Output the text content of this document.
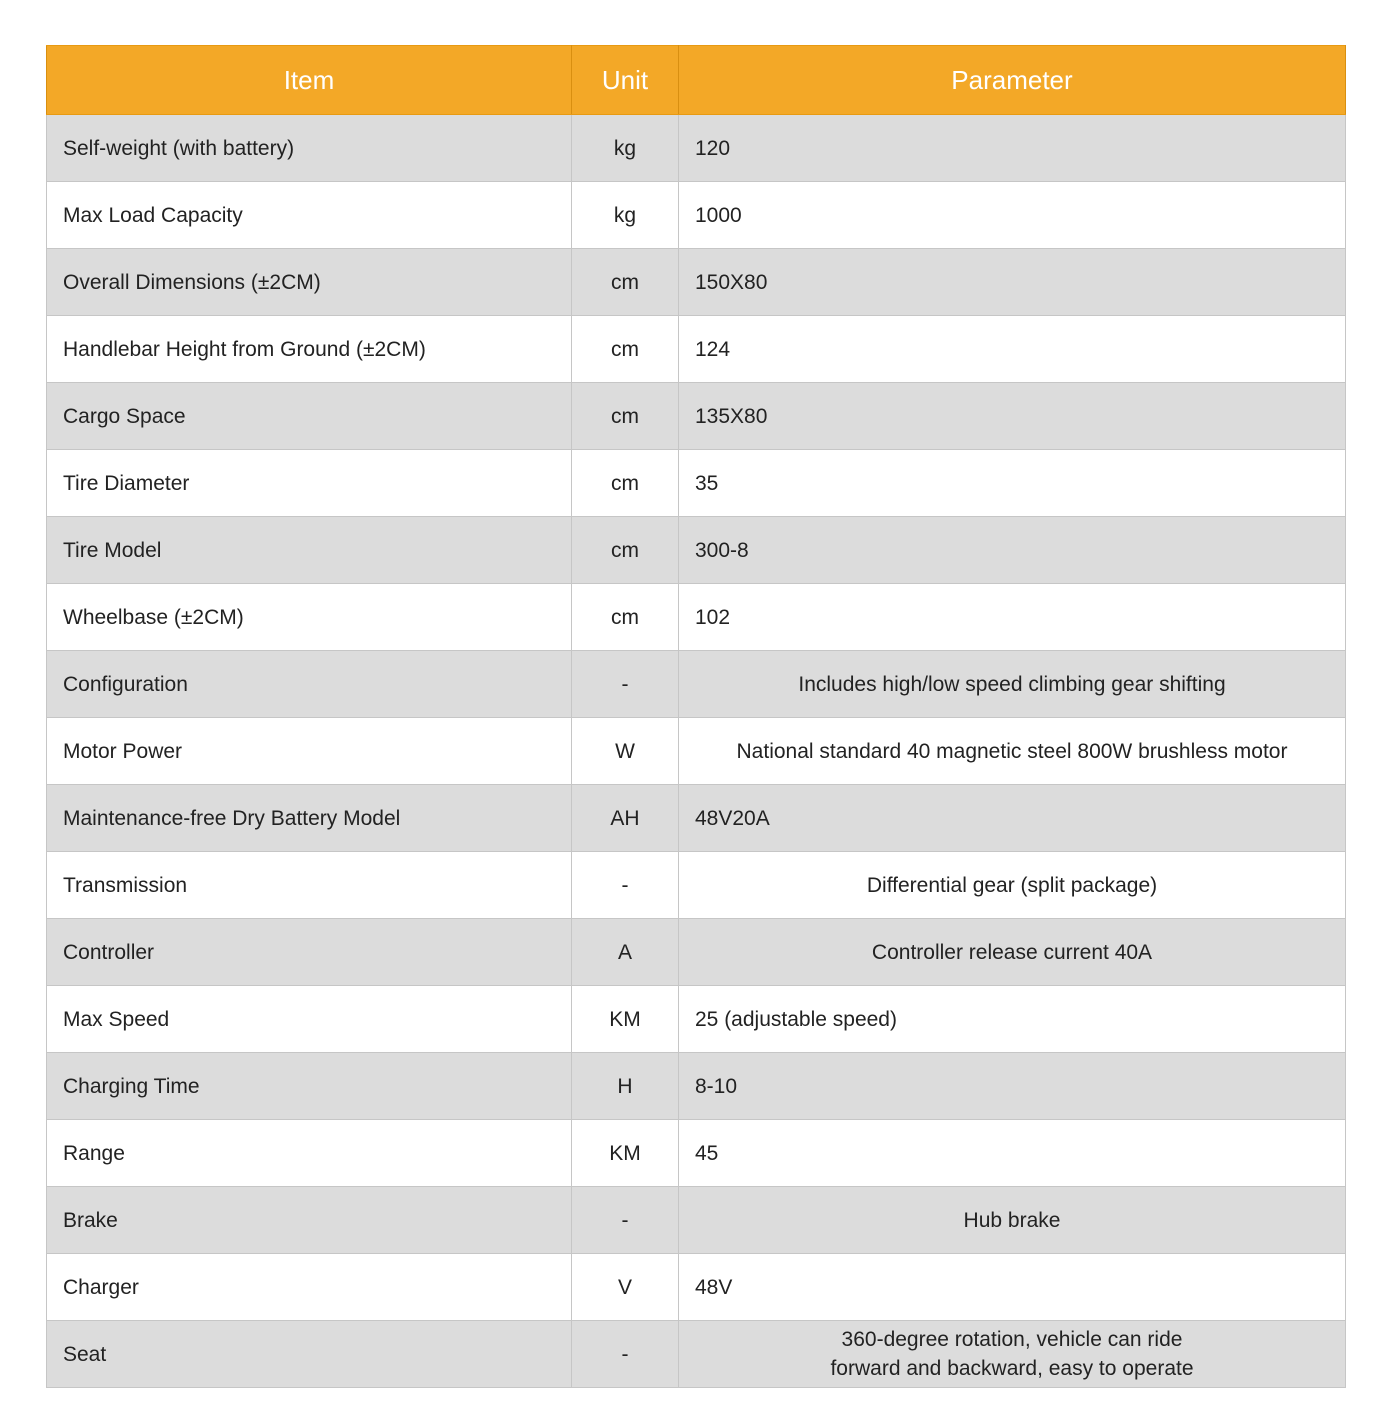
Item	Unit	Parameter
Self-weight (with battery)	kg	120
Max Load Capacity	kg	1000
Overall Dimensions (±2CM)	cm	150X80
Handlebar Height from Ground (±2CM)	cm	124
Cargo Space	cm	135X80
Tire Diameter	cm	35
Tire Model	cm	300-8
Wheelbase (±2CM)	cm	102
Configuration	-	Includes high/low speed climbing gear shifting
Motor Power	W	National standard 40 magnetic steel 800W brushless motor
Maintenance-free Dry Battery Model	AH	48V20A
Transmission	-	Differential gear (split package)
Controller	A	Controller release current 40A
Max Speed	KM	25 (adjustable speed)
Charging Time	H	8-10
Range	KM	45
Brake	-	Hub brake
Charger	V	48V
Seat	-	360-degree rotation, vehicle can ride
forward and backward, easy to operate
